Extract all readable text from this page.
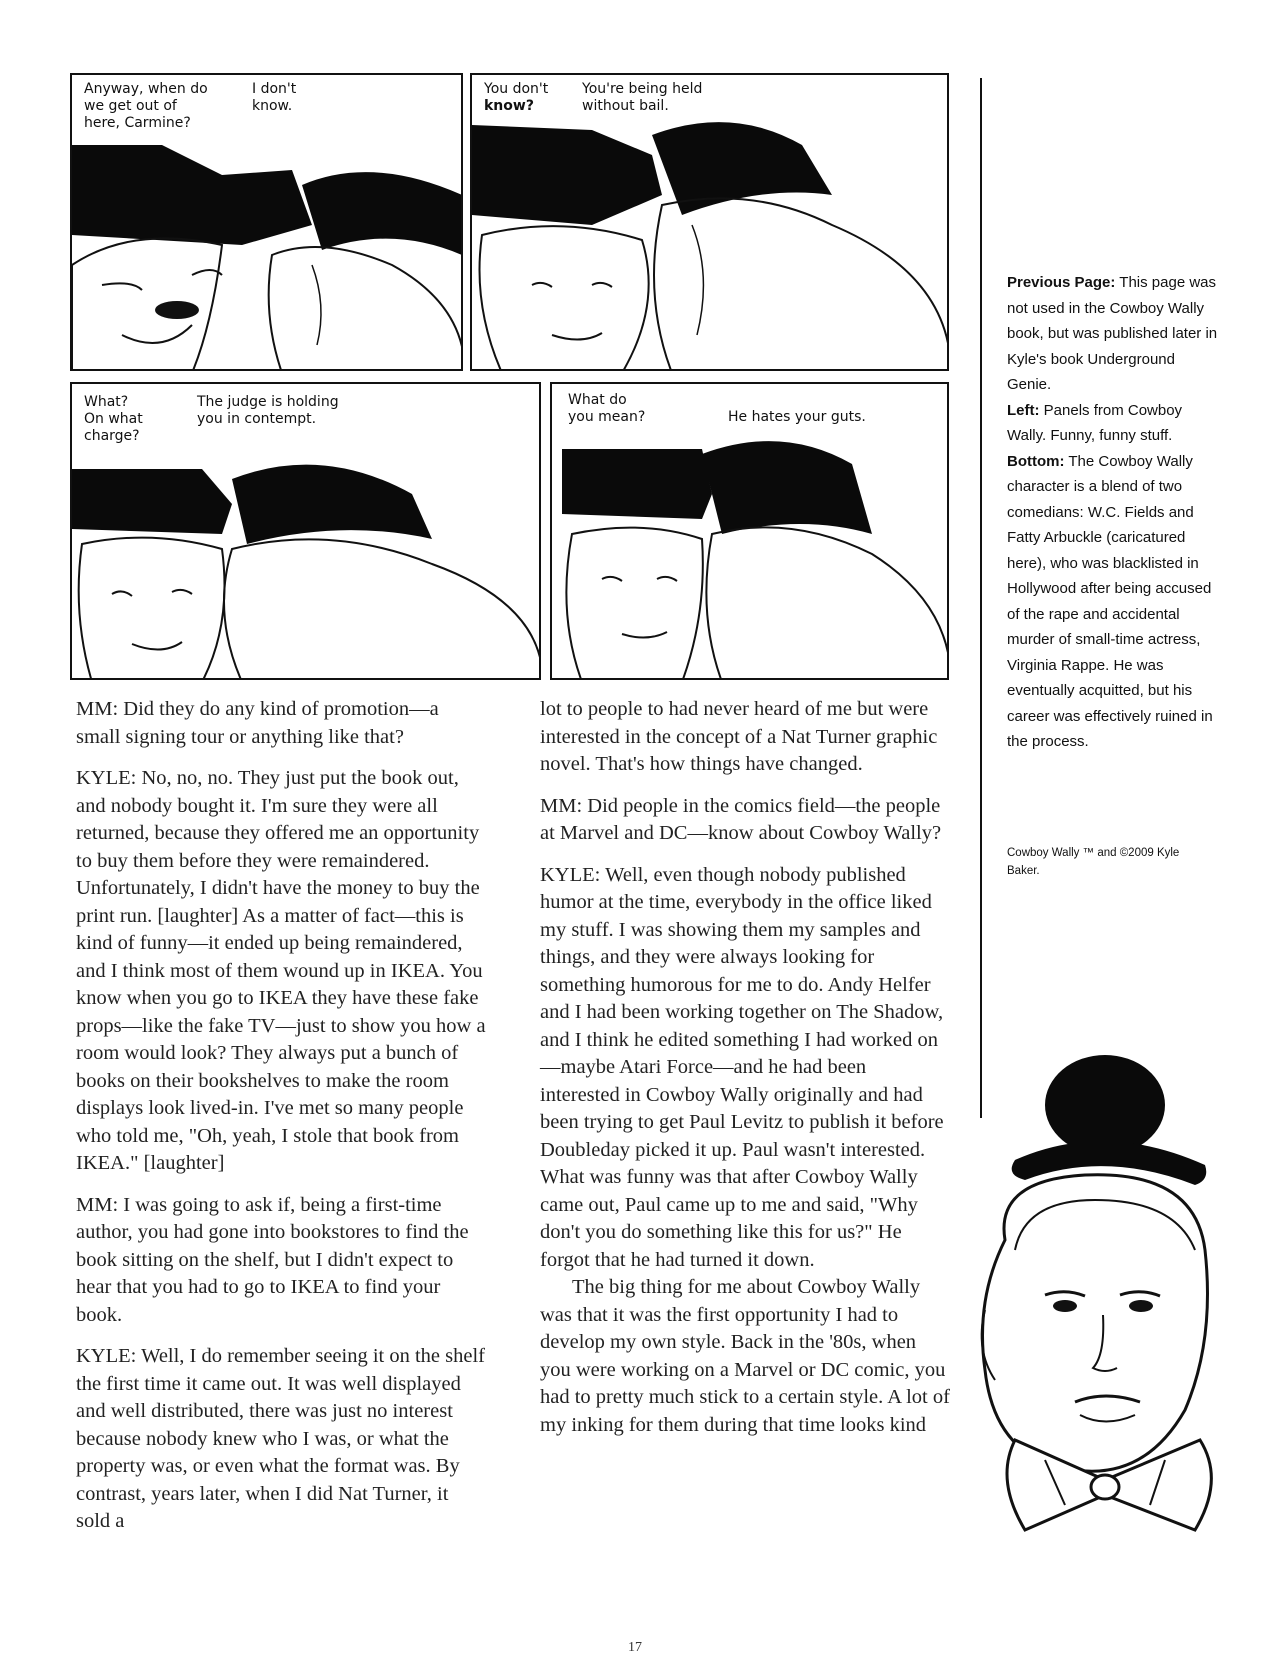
Anyway, when do
we get out of
here, Carmine?
I don't
know.
You don't
know?
You're being held
without bail.
What?
On what
charge?
The judge is holding
you in contempt.
What do
you mean?	He hates your guts.

MM: Did they do any kind of promotion—a small signing tour or anything like that?

KYLE: No, no, no. They just put the book out, and nobody bought it. I'm sure they were all returned, because they offered me an opportunity to buy them before they were remaindered. Unfortunately, I didn't have the money to buy the print run. [laughter] As a matter of fact—this is kind of funny—it ended up being remaindered, and I think most of them wound up in IKEA. You know when you go to IKEA they have these fake props—like the fake TV—just to show you how a room would look? They always put a bunch of books on their bookshelves to make the room displays look lived-in. I've met so many people who told me, "Oh, yeah, I stole that book from IKEA." [laughter]

MM: I was going to ask if, being a first-time author, you had gone into bookstores to find the book sitting on the shelf, but I didn't expect to hear that you had to go to IKEA to find your book.

KYLE: Well, I do remember seeing it on the shelf the first time it came out. It was well displayed and well distributed, there was just no interest because nobody knew who I was, or what the property was, or even what the format was. By contrast, years later, when I did Nat Turner, it sold a

lot to people to had never heard of me but were interested in the concept of a Nat Turner graphic novel. That's how things have changed.

MM: Did people in the comics field—the people at Marvel and DC—know about Cowboy Wally?

KYLE: Well, even though nobody published humor at the time, everybody in the office liked my stuff. I was showing them my samples and things, and they were always looking for something humorous for me to do. Andy Helfer and I had been working together on The Shadow, and I think he edited something I had worked on—maybe Atari Force—and he had been interested in Cowboy Wally originally and had been trying to get Paul Levitz to publish it before Doubleday picked it up. Paul wasn't interested. What was funny was that after Cowboy Wally came out, Paul came up to me and said, "Why don't you do something like this for us?" He forgot that he had turned it down.

The big thing for me about Cowboy Wally was that it was the first opportunity I had to develop my own style. Back in the '80s, when you were working on a Marvel or DC comic, you had to pretty much stick to a certain style. A lot of my inking for them during that time looks kind

Previous Page: This page was not used in the Cowboy Wally book, but was published later in Kyle's book Underground Genie.
Left: Panels from Cowboy Wally. Funny, funny stuff.
Bottom: The Cowboy Wally character is a blend of two comedians: W.C. Fields and Fatty Arbuckle (caricatured here), who was blacklisted in Hollywood after being accused of the rape and accidental murder of small-time actress, Virginia Rappe. He was eventually acquitted, but his career was effectively ruined in the process.
Cowboy Wally ™ and ©2009 Kyle Baker.
17
